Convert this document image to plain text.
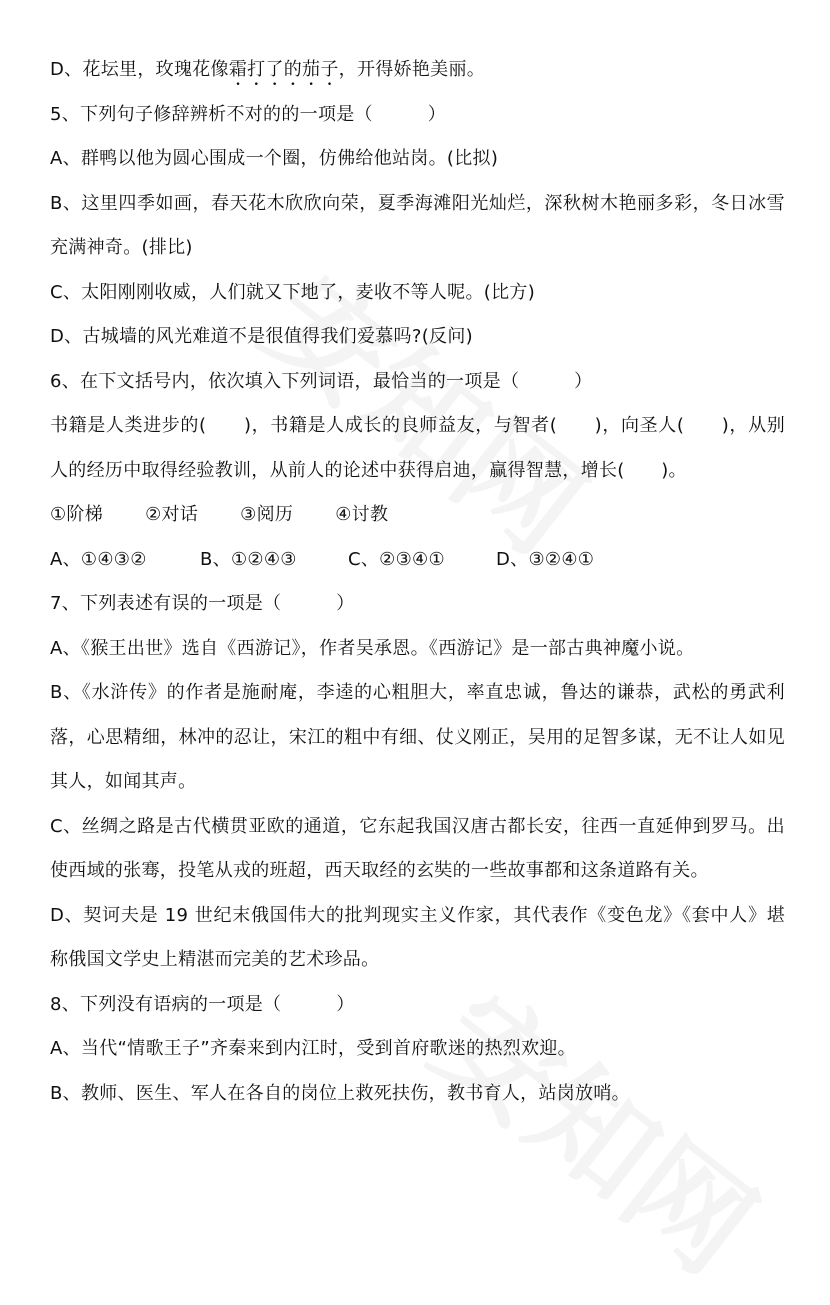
D、花坛里，玫瑰花像霜打了的茄子，开得娇艳美丽。
5、下列句子修辞辨析不对的的一项是（　　　）
A、群鸭以他为圆心围成一个圈，仿佛给他站岗。(比拟)
B、这里四季如画，春天花木欣欣向荣，夏季海滩阳光灿烂，深秋树木艳丽多彩，冬日冰雪充满神奇。(排比)
C、太阳刚刚收威，人们就又下地了，麦收不等人呢。(比方)
D、古城墙的风光难道不是很值得我们爱慕吗?(反问)
6、在下文括号内，依次填入下列词语，最恰当的一项是（　　　）
书籍是人类进步的(　　)，书籍是人成长的良师益友，与智者(　　)，向圣人(　　)，从别人的经历中取得经验教训，从前人的论述中获得启迪，赢得智慧，增长(　　)。
①阶梯 ②对话 ③阅历 ④讨教
A、①④③②	B、①②④③	C、②③④①	D、③②④①
7、下列表述有误的一项是（　　　）
A、《猴王出世》选自《西游记》，作者吴承恩。《西游记》是一部古典神魔小说。
B、《水浒传》的作者是施耐庵，李逵的心粗胆大，率直忠诚，鲁达的谦恭，武松的勇武利落，心思精细，林冲的忍让，宋江的粗中有细、仗义刚正，吴用的足智多谋，无不让人如见其人，如闻其声。
C、丝绸之路是古代横贯亚欧的通道，它东起我国汉唐古都长安，往西一直延伸到罗马。出使西域的张骞，投笔从戎的班超，西天取经的玄奘的一些故事都和这条道路有关。
D、契诃夫是 19 世纪末俄国伟大的批判现实主义作家，其代表作《变色龙》《套中人》堪称俄国文学史上精湛而完美的艺术珍品。
8、下列没有语病的一项是（　　　）
A、当代“情歌王子”齐秦来到内江时，受到首府歌迷的热烈欢迎。
B、教师、医生、军人在各自的岗位上救死扶伤，教书育人，站岗放哨。
